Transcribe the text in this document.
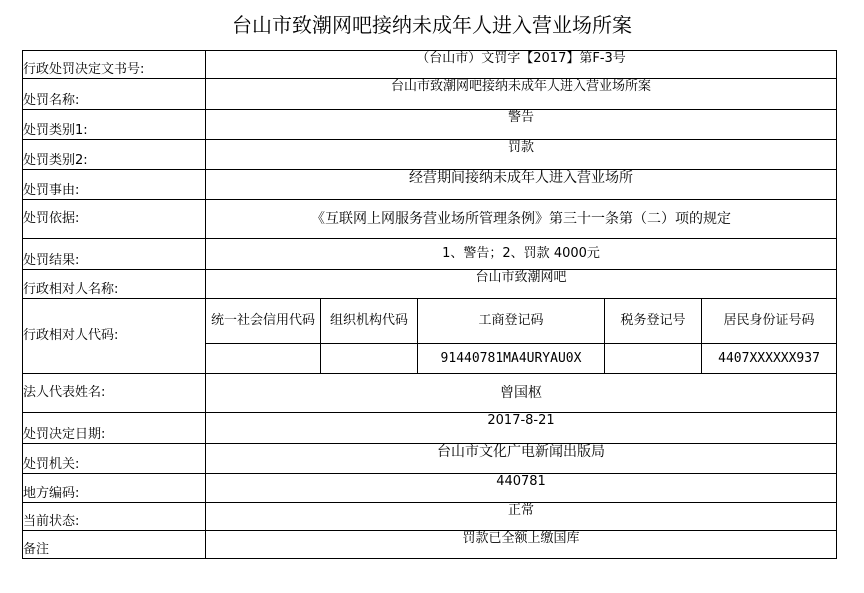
台山市致潮网吧接纳未成年人进入营业场所案
行政处罚决定文书号:	（台山市）文罚字【2017】第F-3号				
处罚名称:	台山市致潮网吧接纳未成年人进入营业场所案				
处罚类别1:	警告				
处罚类别2:	罚款				
处罚事由:	经营期间接纳未成年人进入营业场所				
处罚依据:	《互联网上网服务营业场所管理条例》第三十一条第（二）项的规定				
处罚结果:	1、警告；2、罚款 4000元				
行政相对人名称:	台山市致潮网吧				
行政相对人代码:	统一社会信用代码	组织机构代码	工商登记码	税务登记号	居民身份证号码
			91440781MA4URYAU0X		4407XXXXXX937
法人代表姓名:	曾国枢				
处罚决定日期:	2017-8-21				
处罚机关:	台山市文化广电新闻出版局				
地方编码:	440781				
当前状态:	正常				
备注	罚款已全额上缴国库				
